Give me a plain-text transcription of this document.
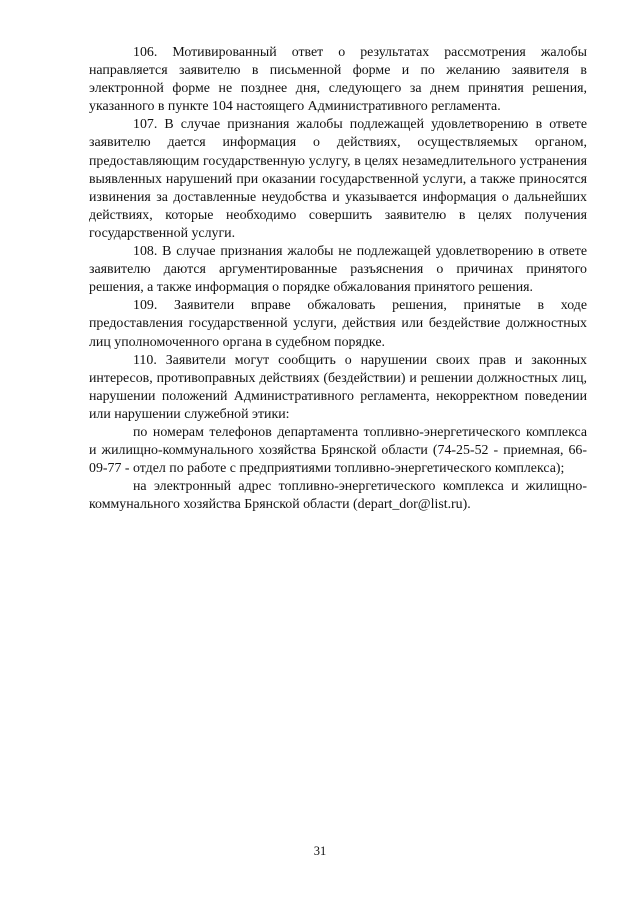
106. Мотивированный ответ о результатах рассмотрения жалобы направляется заявителю в письменной форме и по желанию заявителя в электронной форме не позднее дня, следующего за днем принятия решения, указанного в пункте 104 настоящего Административного регламента.

107. В случае признания жалобы подлежащей удовлетворению в ответе заявителю дается информация о действиях, осуществляемых органом, предоставляющим государственную услугу, в целях незамедлительного устранения выявленных нарушений при оказании государственной услуги, а также приносятся извинения за доставленные неудобства и указывается информация о дальнейших действиях, которые необходимо совершить заявителю в целях получения государственной услуги.

108. В случае признания жалобы не подлежащей удовлетворению в ответе заявителю даются аргументированные разъяснения о причинах принятого решения, а также информация о порядке обжалования принятого решения.

109. Заявители вправе обжаловать решения, принятые в ходе предоставления государственной услуги, действия или бездействие должностных лиц уполномоченного органа в судебном порядке.

110. Заявители могут сообщить о нарушении своих прав и законных интересов, противоправных действиях (бездействии) и решении должностных лиц, нарушении положений Административного регламента, некорректном поведении или нарушении служебной этики:

по номерам телефонов департамента топливно-энергетического комплекса и жилищно-коммунального хозяйства Брянской области (74-25-52 - приемная, 66-09-77 - отдел по работе с предприятиями топливно-энергетического комплекса);

на электронный адрес топливно-энергетического комплекса и жилищно-коммунального хозяйства Брянской области (depart_dor@list.ru).

31
